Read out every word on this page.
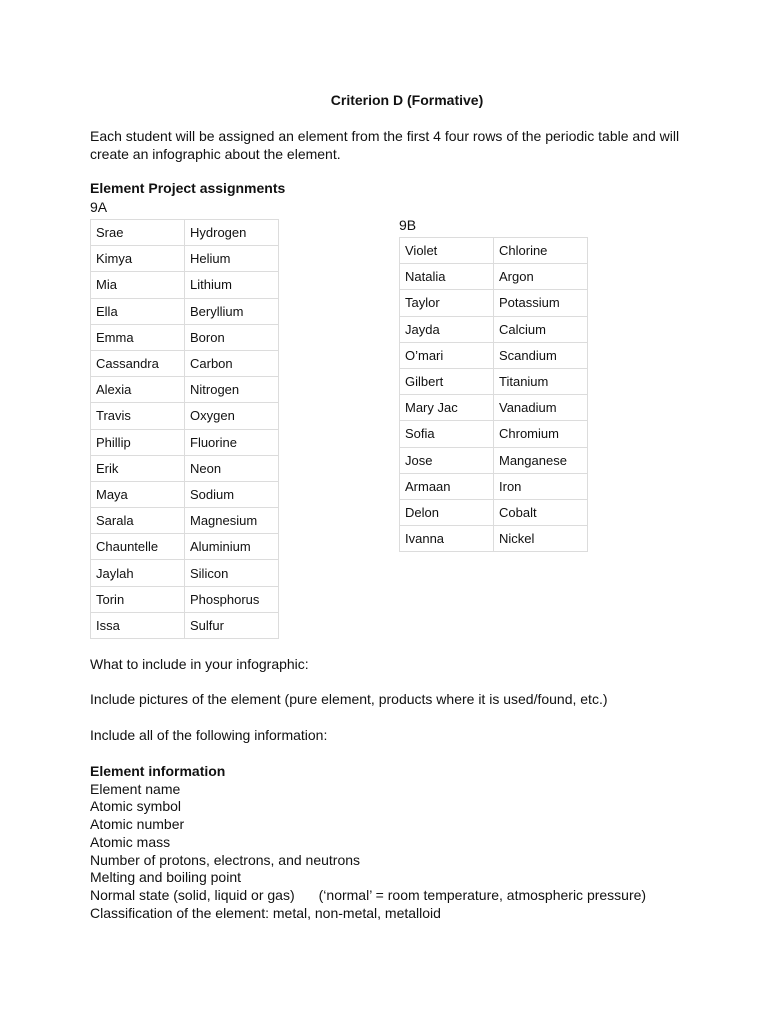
Criterion D (Formative)
Each student will be assigned an element from the first 4 four rows of the periodic table and will create an infographic about the element.
Element Project assignments
9A
Srae	Hydrogen
Kimya	Helium
Mia	Lithium
Ella	Beryllium
Emma	Boron
Cassandra	Carbon
Alexia	Nitrogen
Travis	Oxygen
Phillip	Fluorine
Erik	Neon
Maya	Sodium
Sarala	Magnesium
Chauntelle	Aluminium
Jaylah	Silicon
Torin	Phosphorus
Issa	Sulfur
9B
Violet	Chlorine
Natalia	Argon
Taylor	Potassium
Jayda	Calcium
O’mari	Scandium
Gilbert	Titanium
Mary Jac	Vanadium
Sofia	Chromium
Jose	Manganese
Armaan	Iron
Delon	Cobalt
Ivanna	Nickel
What to include in your infographic:
Include pictures of the element (pure element, products where it is used/found, etc.)
Include all of the following information:
Element information
Element name
Atomic symbol
Atomic number
Atomic mass
Number of protons, electrons, and neutrons
Melting and boiling point
Normal state (solid, liquid or gas) (‘normal’ = room temperature, atmospheric pressure)
Classification of the element: metal, non-metal, metalloid
